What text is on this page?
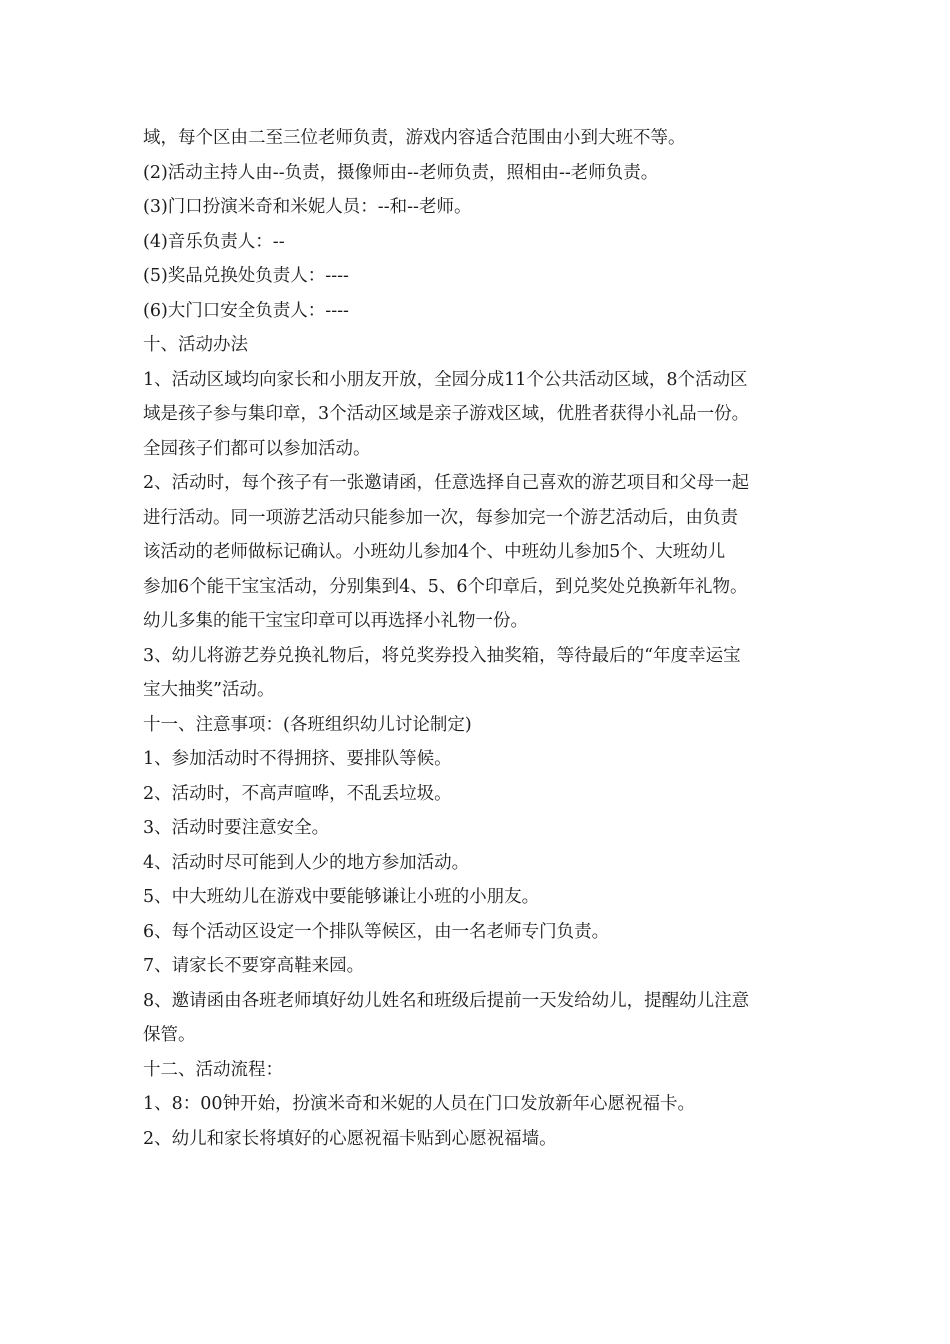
域，每个区由二至三位老师负责，游戏内容适合范围由小到大班不等。
(2)活动主持人由--负责，摄像师由--老师负责，照相由--老师负责。
(3)门口扮演米奇和米妮人员：--和--老师。
(4)音乐负责人：--
(5)奖品兑换处负责人：----
(6)大门口安全负责人：----
十、活动办法
1、活动区域均向家长和小朋友开放，全园分成11个公共活动区域，8个活动区
域是孩子参与集印章，3个活动区域是亲子游戏区域，优胜者获得小礼品一份。
全园孩子们都可以参加活动。
2、活动时，每个孩子有一张邀请函，任意选择自己喜欢的游艺项目和父母一起
进行活动。同一项游艺活动只能参加一次，每参加完一个游艺活动后，由负责
该活动的老师做标记确认。小班幼儿参加4个、中班幼儿参加5个、大班幼儿
参加6个能干宝宝活动，分别集到4、5、6个印章后，到兑奖处兑换新年礼物。
幼儿多集的能干宝宝印章可以再选择小礼物一份。
3、幼儿将游艺券兑换礼物后，将兑奖券投入抽奖箱，等待最后的“年度幸运宝
宝大抽奖”活动。
十一、注意事项：(各班组织幼儿讨论制定)
1、参加活动时不得拥挤、要排队等候。
2、活动时，不高声喧哗，不乱丢垃圾。
3、活动时要注意安全。
4、活动时尽可能到人少的地方参加活动。
5、中大班幼儿在游戏中要能够谦让小班的小朋友。
6、每个活动区设定一个排队等候区，由一名老师专门负责。
7、请家长不要穿高鞋来园。
8、邀请函由各班老师填好幼儿姓名和班级后提前一天发给幼儿，提醒幼儿注意
保管。
十二、活动流程：
1、8：00钟开始，扮演米奇和米妮的人员在门口发放新年心愿祝福卡。
2、幼儿和家长将填好的心愿祝福卡贴到心愿祝福墙。
